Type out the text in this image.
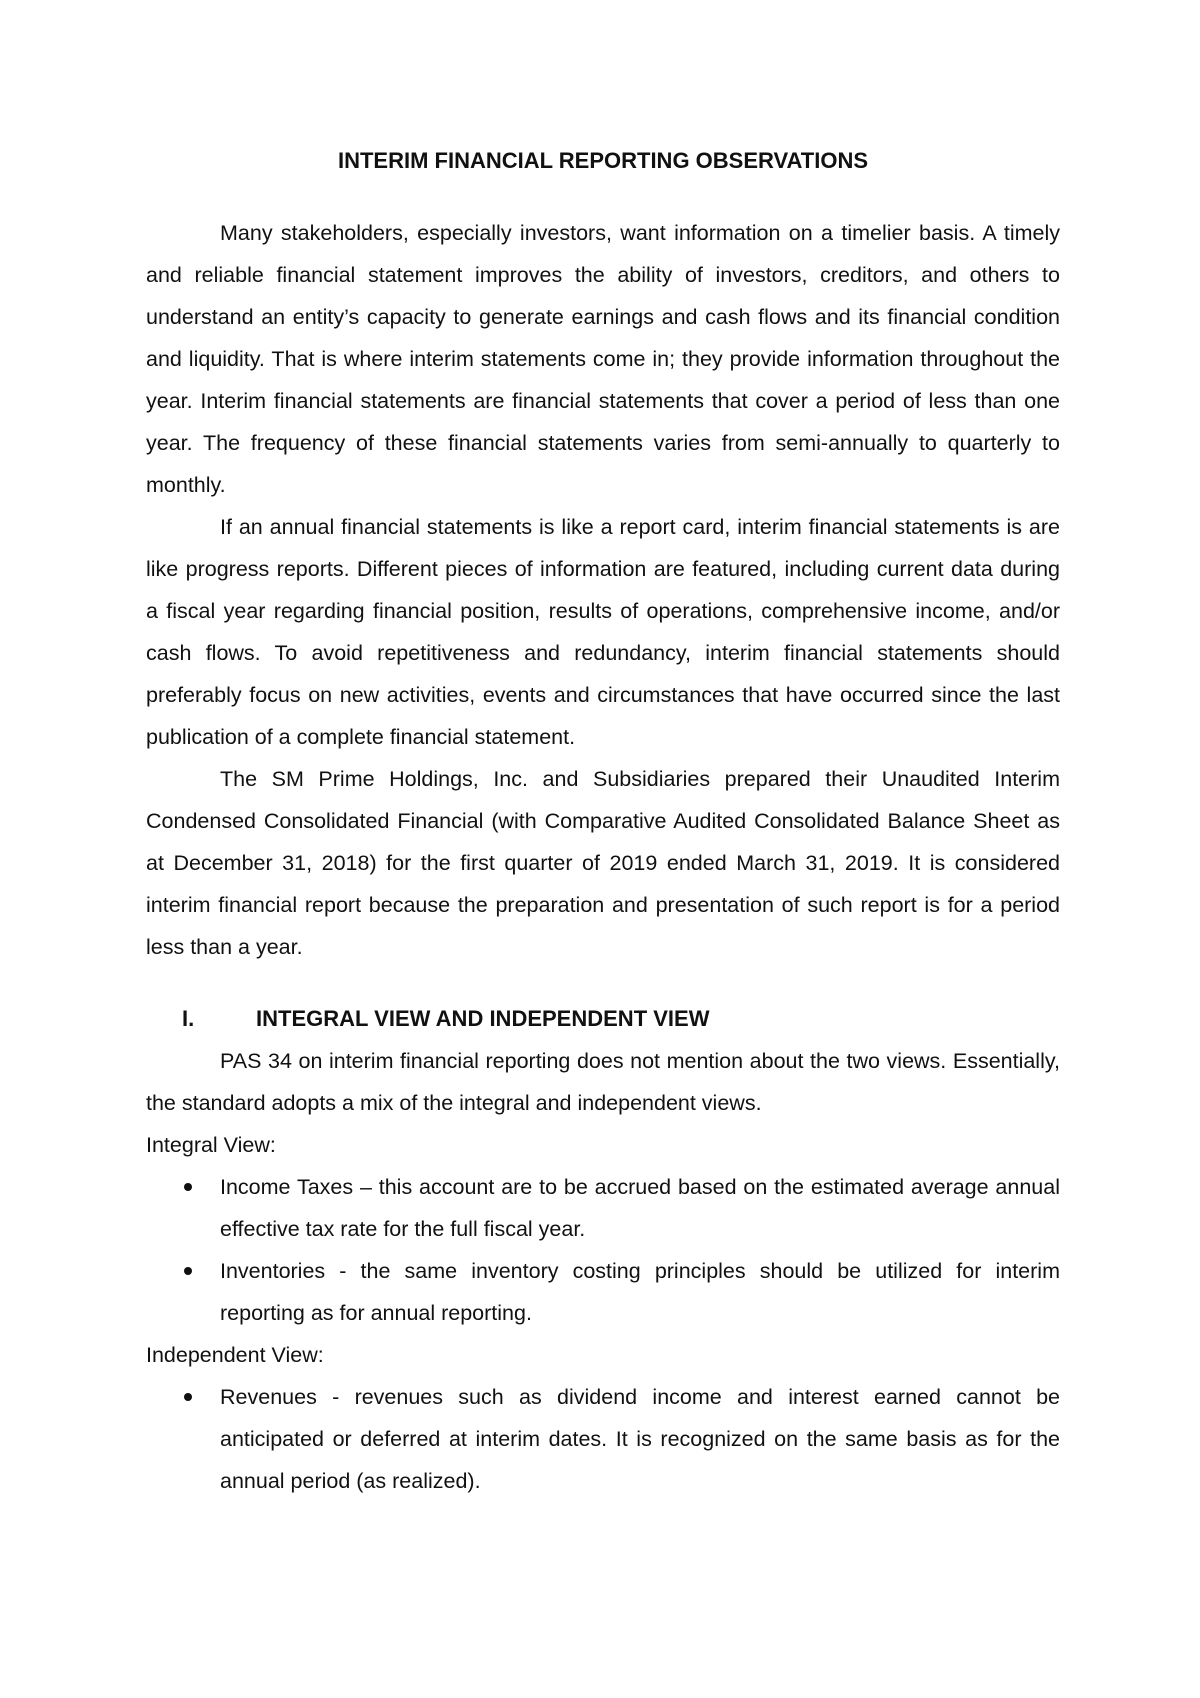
INTERIM FINANCIAL REPORTING OBSERVATIONS

Many stakeholders, especially investors, want information on a timelier basis. A timely and reliable financial statement improves the ability of investors, creditors, and others to understand an entity’s capacity to generate earnings and cash flows and its financial condition and liquidity. That is where interim statements come in; they provide information throughout the year. Interim financial statements are financial statements that cover a period of less than one year. The frequency of these financial statements varies from semi-annually to quarterly to monthly.

If an annual financial statements is like a report card, interim financial statements is are like progress reports. Different pieces of information are featured, including current data during a fiscal year regarding financial position, results of operations, comprehensive income, and/or cash flows. To avoid repetitiveness and redundancy, interim financial statements should preferably focus on new activities, events and circumstances that have occurred since the last publication of a complete financial statement.

The SM Prime Holdings, Inc. and Subsidiaries prepared their Unaudited Interim Condensed Consolidated Financial (with Comparative Audited Consolidated Balance Sheet as at December 31, 2018) for the first quarter of 2019 ended March 31, 2019. It is considered interim financial report because the preparation and presentation of such report is for a period less than a year.

I.	INTEGRAL VIEW AND INDEPENDENT VIEW

PAS 34 on interim financial reporting does not mention about the two views. Essentially, the standard adopts a mix of the integral and independent views.

Integral View:

Income Taxes – this account are to be accrued based on the estimated average annual effective tax rate for the full fiscal year.
Inventories - the same inventory costing principles should be utilized for interim reporting as for annual reporting.

Independent View:

Revenues - revenues such as dividend income and interest earned cannot be anticipated or deferred at interim dates. It is recognized on the same basis as for the annual period (as realized).
